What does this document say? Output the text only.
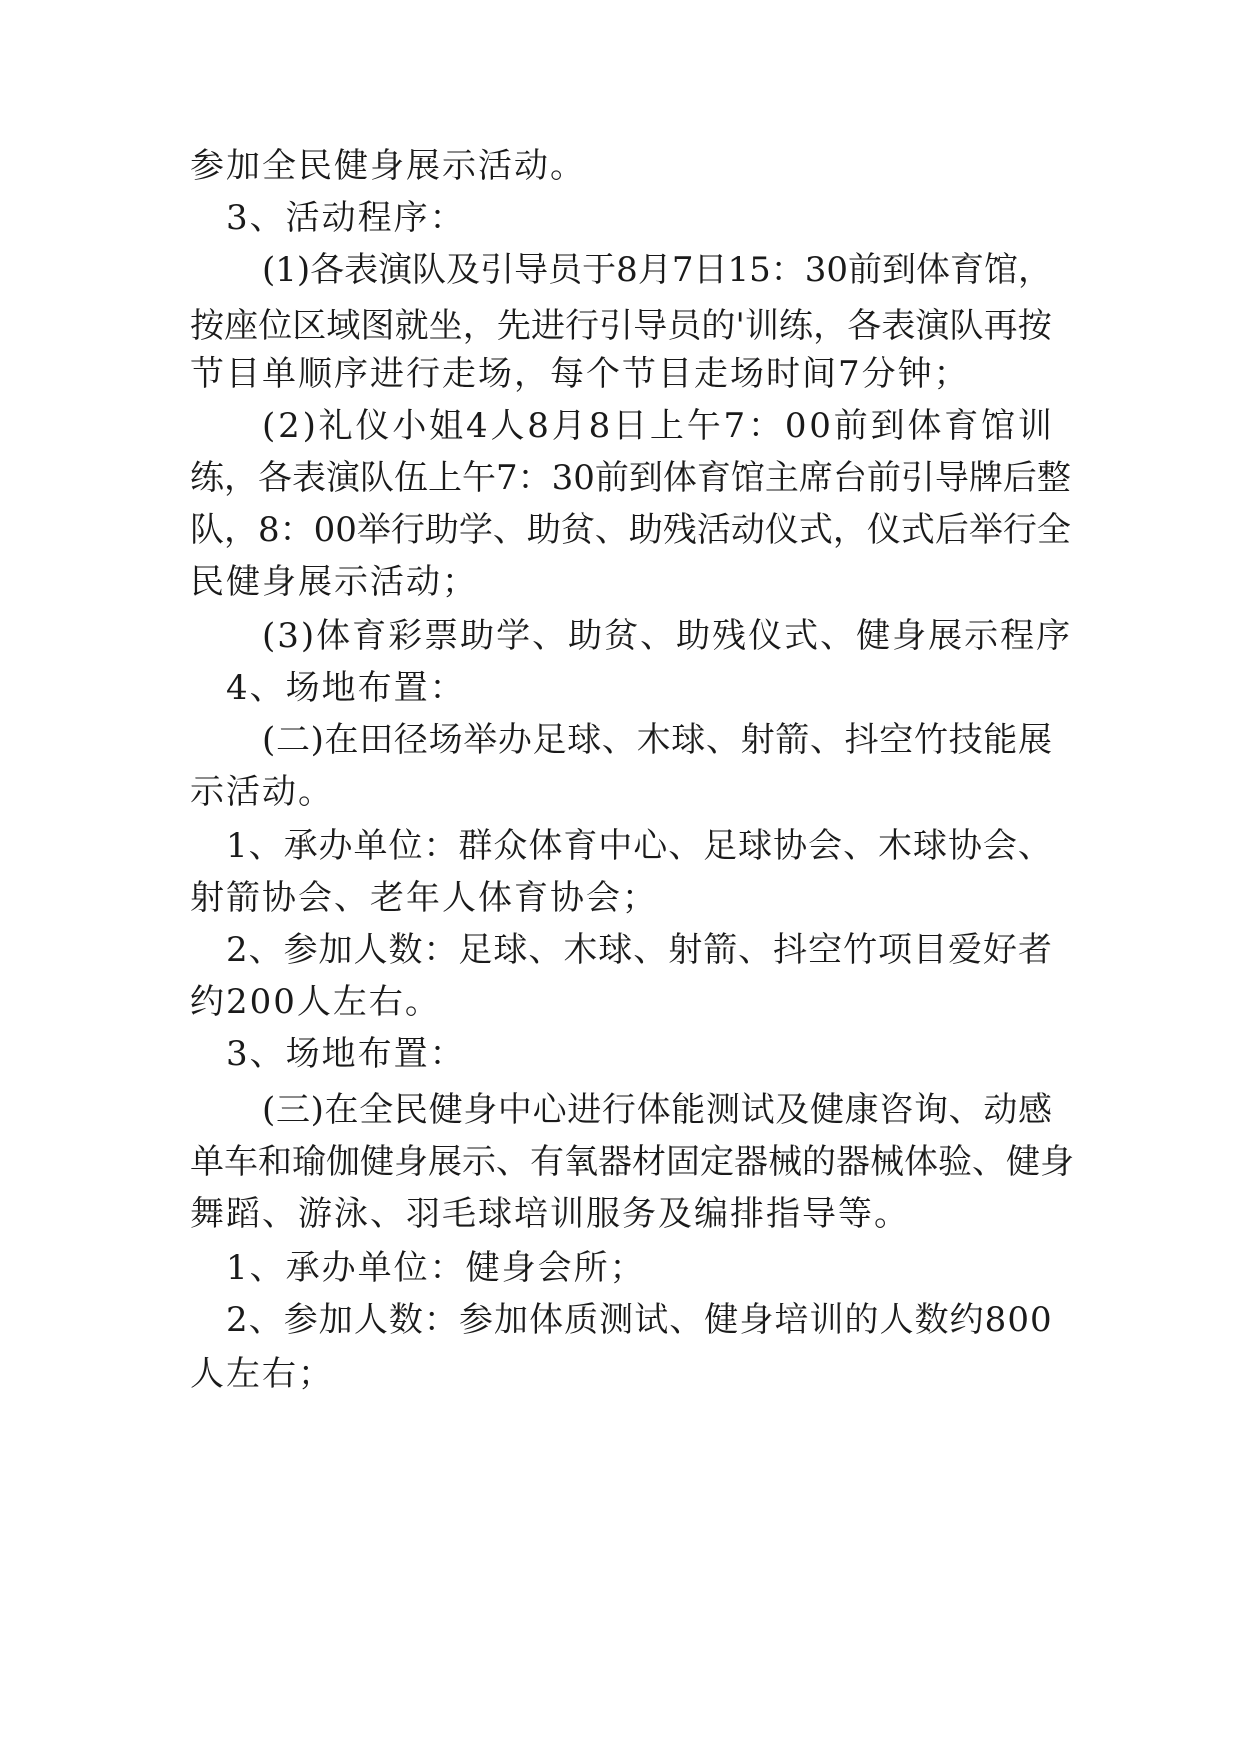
参加全民健身展示活动。
3、活动程序：
( 1 ) 各 表 演 队 及 引 导 员 于 8 月 7 日 1 5 ： 3 0 前 到 体 育 馆 ，
按 座 位 区 域 图 就 坐 ， 先 进 行 引 导 员 的 ' 训 练 ， 各 表 演 队 再 按
节目单顺序进行走场，每个节目走场时间7分钟；
( 2 ) 礼 仪 小 姐 4 人 8 月 8 日 上 午 7 ： 0 0 前 到 体 育 馆 训
练 ， 各 表 演 队 伍 上 午 7 ： 3 0 前 到 体 育 馆 主 席 台 前 引 导 牌 后 整
队 ， 8 ： 0 0 举 行 助 学 、 助 贫 、 助 残 活 动 仪 式 ， 仪 式 后 举 行 全
民健身展示活动；
(3)体育彩票助学、助贫、助残仪式、健身展示程序
4、场地布置：
( 二 ) 在 田 径 场 举 办 足 球 、 木 球 、 射 箭 、 抖 空 竹 技 能 展
示活动。
1 、 承 办 单 位 ： 群 众 体 育 中 心 、 足 球 协 会 、 木 球 协 会 、
射箭协会、老年人体育协会；
2 、 参 加 人 数 ： 足 球 、 木 球 、 射 箭 、 抖 空 竹 项 目 爱 好 者
约200人左右。
3、场地布置：
( 三 ) 在 全 民 健 身 中 心 进 行 体 能 测 试 及 健 康 咨 询 、 动 感
单 车 和 瑜 伽 健 身 展 示 、 有 氧 器 材 固 定 器 械 的 器 械 体 验 、 健 身
舞蹈、游泳、羽毛球培训服务及编排指导等。
1、承办单位：健身会所；
2 、 参 加 人 数 ： 参 加 体 质 测 试 、 健 身 培 训 的 人 数 约 8 0 0
人左右；
